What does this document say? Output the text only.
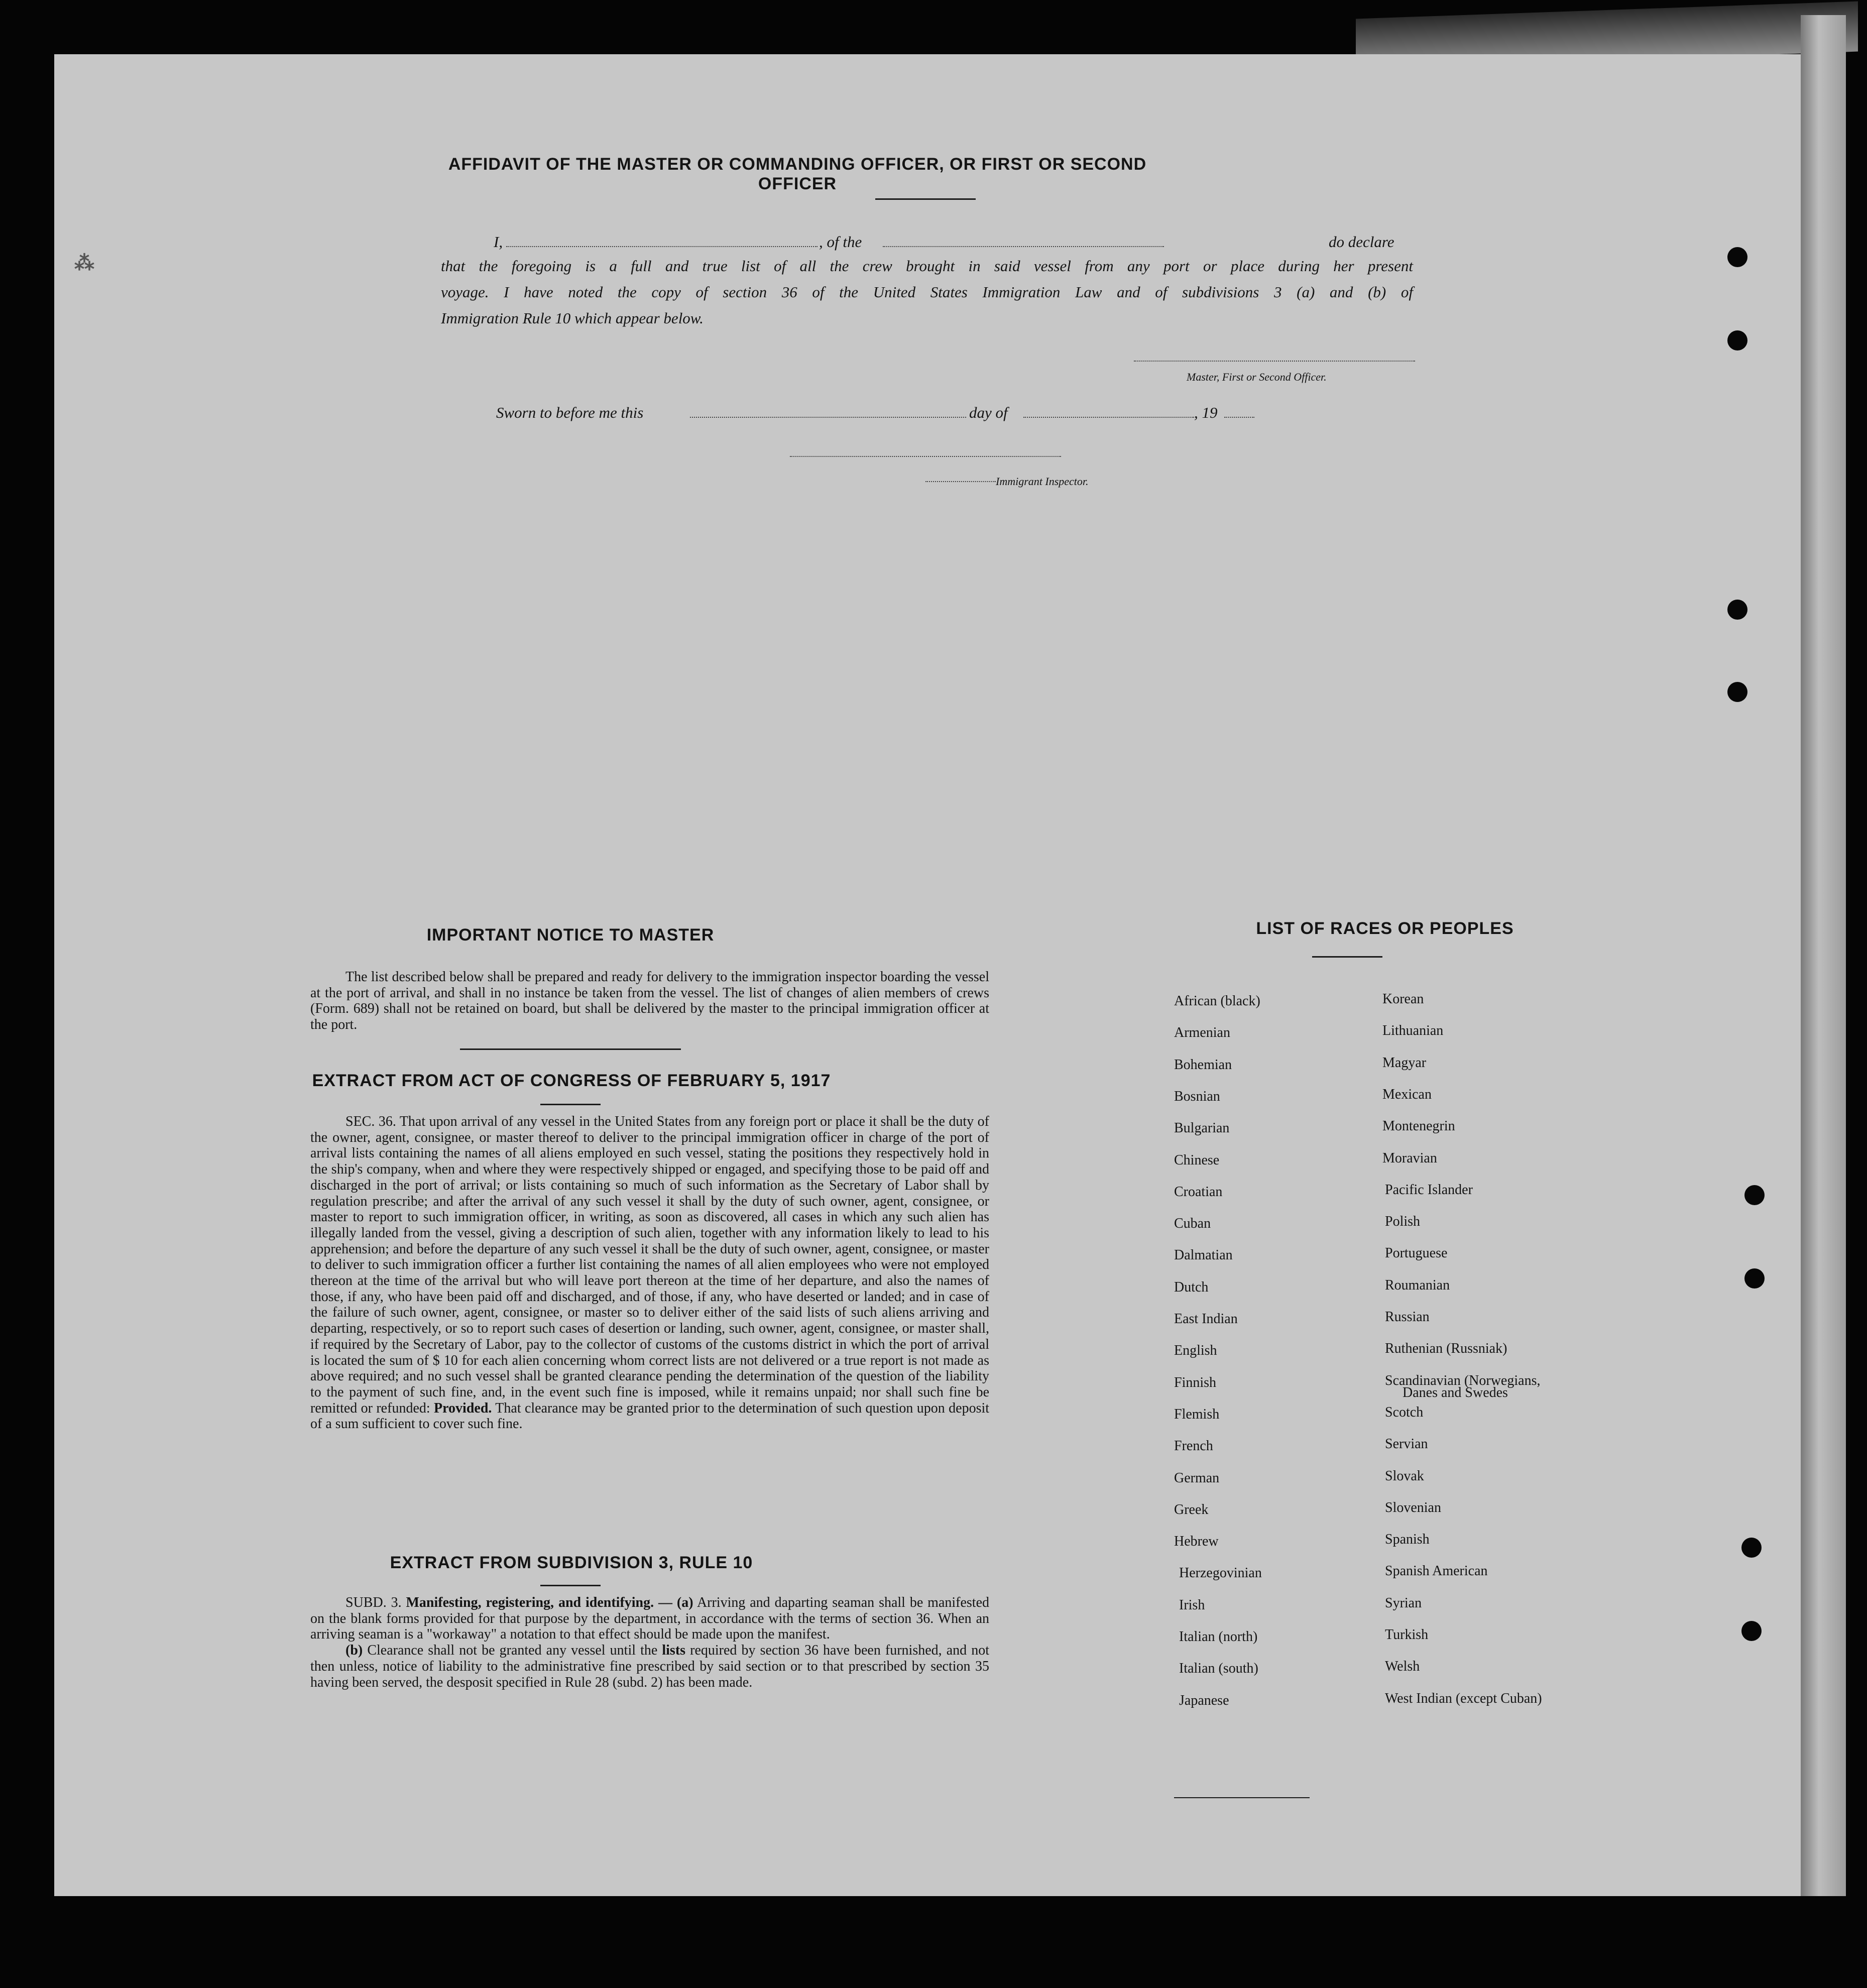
AFFIDAVIT OF THE MASTER OR COMMANDING OFFICER, OR FIRST OR SECOND OFFICER
I,	, of the	do declare
that the foregoing is a full and true list of all the crew brought in said vessel from any port or place during her present
voyage. I have noted the copy of section 36 of the United States Immigration Law and of subdivisions 3 (a) and (b) of
Immigration Rule 10 which appear below.
Master, First or Second Officer.
Sworn to before me this	day of	, 19
Immigrant Inspector.
⁂
IMPORTANT NOTICE TO MASTER

The list described below shall be prepared and ready for delivery to the immigration inspector boarding the vessel at the port of arrival, and shall in no instance be taken from the vessel. The list of changes of alien members of crews (Form. 689) shall not be retained on board, but shall be delivered by the master to the principal immigration officer at the port.

EXTRACT FROM ACT OF CONGRESS OF FEBRUARY 5, 1917

SEC. 36. That upon arrival of any vessel in the United States from any foreign port or place it shall be the duty of the owner, agent, consignee, or master thereof to deliver to the principal immigration officer in charge of the port of arrival lists containing the names of all aliens employed en such vessel, stating the positions they respectively hold in the ship's company, when and where they were respectively shipped or engaged, and specifying those to be paid off and discharged in the port of arrival; or lists containing so much of such information as the Secretary of Labor shall by regulation prescribe; and after the arrival of any such vessel it shall by the duty of such owner, agent, consignee, or master to report to such immigration officer, in writing, as soon as discovered, all cases in which any such alien has illegally landed from the vessel, giving a description of such alien, together with any information likely to lead to his apprehension; and before the departure of any such vessel it shall be the duty of such owner, agent, consignee, or master to deliver to such immigration officer a further list containing the names of all alien employees who were not employed thereon at the time of the arrival but who will leave port thereon at the time of her departure, and also the names of those, if any, who have been paid off and discharged, and of those, if any, who have deserted or landed; and in case of the failure of such owner, agent, consignee, or master so to deliver either of the said lists of such aliens arriving and departing, respectively, or so to report such cases of desertion or landing, such owner, agent, consignee, or master shall, if required by the Secretary of Labor, pay to the collector of customs of the customs district in which the port of arrival is located the sum of $ 10 for each alien concerning whom correct lists are not delivered or a true report is not made as above required; and no such vessel shall be granted clearance pending the determination of the question of the liability to the payment of such fine, and, in the event such fine is imposed, while it remains unpaid; nor shall such fine be remitted or refunded: Provided. That clearance may be granted prior to the determination of such question upon deposit of a sum sufficient to cover such fine.

EXTRACT FROM SUBDIVISION 3, RULE 10

SUBD. 3. Manifesting, registering, and identifying. — (a) Arriving and daparting seaman shall be manifested on the blank forms provided for that purpose by the department, in accordance with the terms of section 36. When an arriving seaman is a "workaway" a notation to that effect should be made upon the manifest.

(b) Clearance shall not be granted any vessel until the lists required by section 36 have been furnished, and not then unless, notice of liability to the administrative fine prescribed by said section or to that prescribed by section 35 having been served, the desposit specified in Rule 28 (subd. 2) has been made.

LIST OF RACES OR PEOPLES
African (black)
Armenian
Bohemian
Bosnian
Bulgarian
Chinese
Croatian
Cuban
Dalmatian
Dutch
East Indian
English
Finnish
Flemish
French
German
Greek
Hebrew
Herzegovinian
Irish
Italian (north)
Italian (south)
Japanese
Korean
Lithuanian
Magyar
Mexican
Montenegrin
Moravian
Pacific Islander
Polish
Portuguese
Roumanian
Russian
Ruthenian (Russniak)
Scandinavian (Norwegians,
Scotch
Servian
Slovak
Slovenian
Spanish
Spanish American
Syrian
Turkish
Welsh
West Indian (except Cuban)
Danes and Swedes
